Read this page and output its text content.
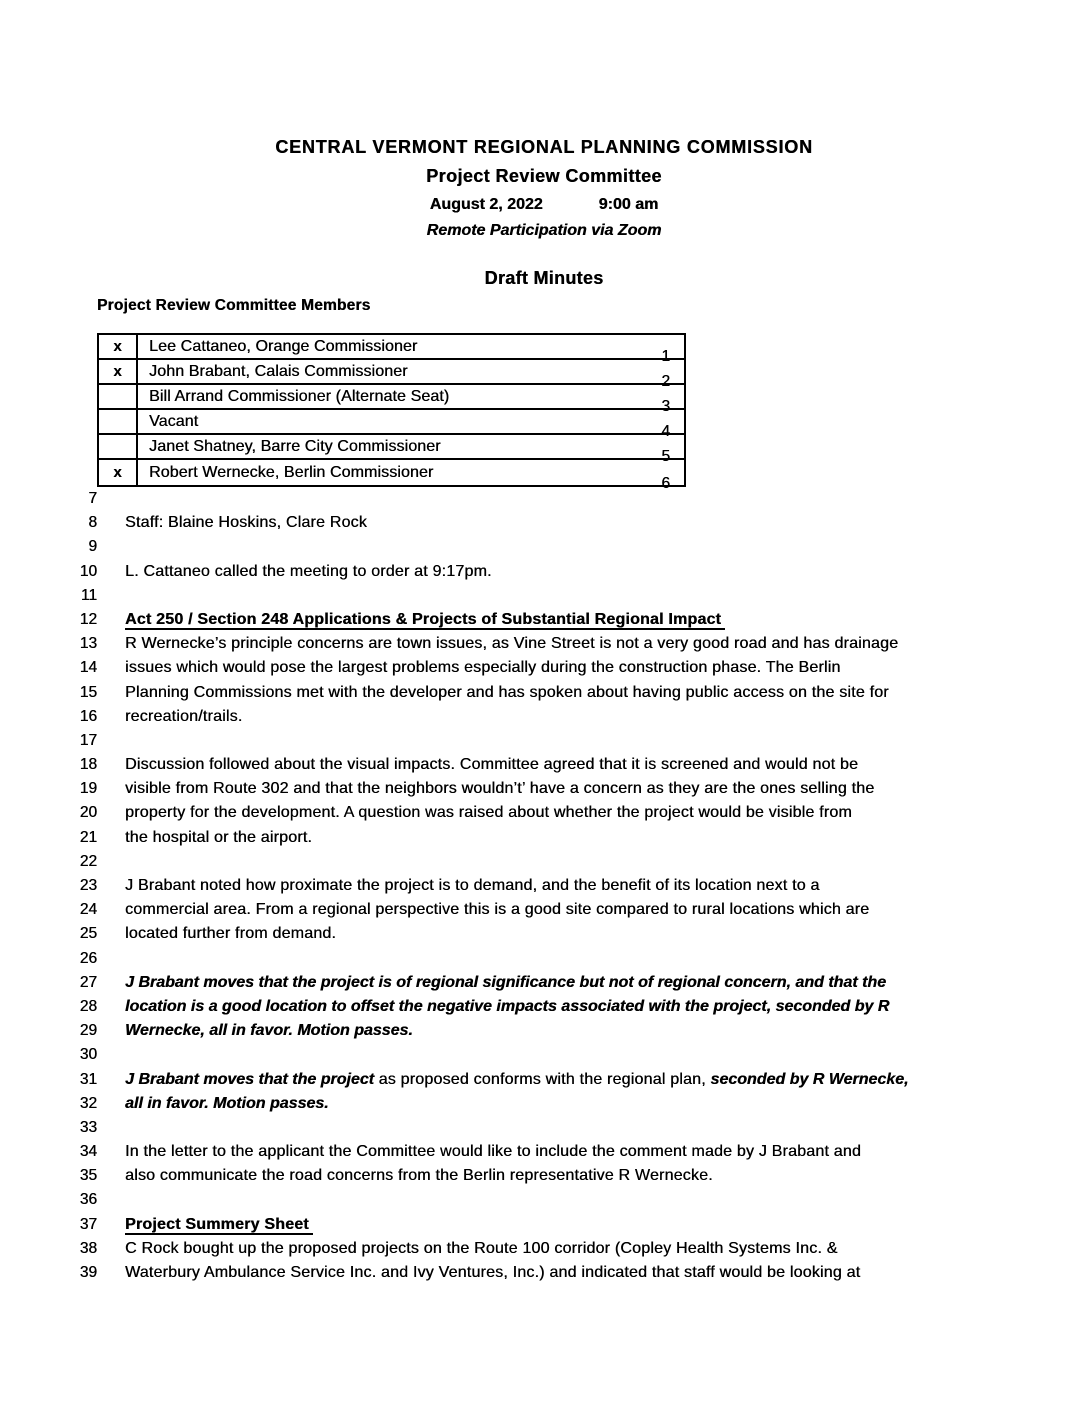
CENTRAL VERMONT REGIONAL PLANNING COMMISSION
Project Review Committee
August 2, 2022	9:00 am
Remote Participation via Zoom
Draft Minutes
Project Review Committee Members
x	Lee Cattaneo, Orange Commissioner
1
x	John Brabant, Calais Commissioner
2
Bill Arrand Commissioner (Alternate Seat)
3
Vacant
4
Janet Shatney, Barre City Commissioner
5
x	Robert Wernecke, Berlin Commissioner
6
7
8 Staff: Blaine Hoskins, Clare Rock
9
10 L. Cattaneo called the meeting to order at 9:17pm.
11
12 Act 250 / Section 248 Applications & Projects of Substantial Regional Impact
13 R Wernecke’s principle concerns are town issues, as Vine Street is not a very good road and has drainage
14 issues which would pose the largest problems especially during the construction phase. The Berlin
15 Planning Commissions met with the developer and has spoken about having public access on the site for
16 recreation/trails.
17
18 Discussion followed about the visual impacts. Committee agreed that it is screened and would not be
19 visible from Route 302 and that the neighbors wouldn’t’ have a concern as they are the ones selling the
20 property for the development. A question was raised about whether the project would be visible from
21 the hospital or the airport.
22
23 J Brabant noted how proximate the project is to demand, and the benefit of its location next to a
24 commercial area. From a regional perspective this is a good site compared to rural locations which are
25 located further from demand.
26
27 J Brabant moves that the project is of regional significance but not of regional concern, and that the
28 location is a good location to offset the negative impacts associated with the project, seconded by R
29 Wernecke, all in favor. Motion passes.
30
31 J Brabant moves that the project as proposed conforms with the regional plan, seconded by R Wernecke,
32 all in favor. Motion passes.
33
34 In the letter to the applicant the Committee would like to include the comment made by J Brabant and
35 also communicate the road concerns from the Berlin representative R Wernecke.
36
37 Project Summery Sheet
38 C Rock bought up the proposed projects on the Route 100 corridor (Copley Health Systems Inc. &
39 Waterbury Ambulance Service Inc. and Ivy Ventures, Inc.) and indicated that staff would be looking at
